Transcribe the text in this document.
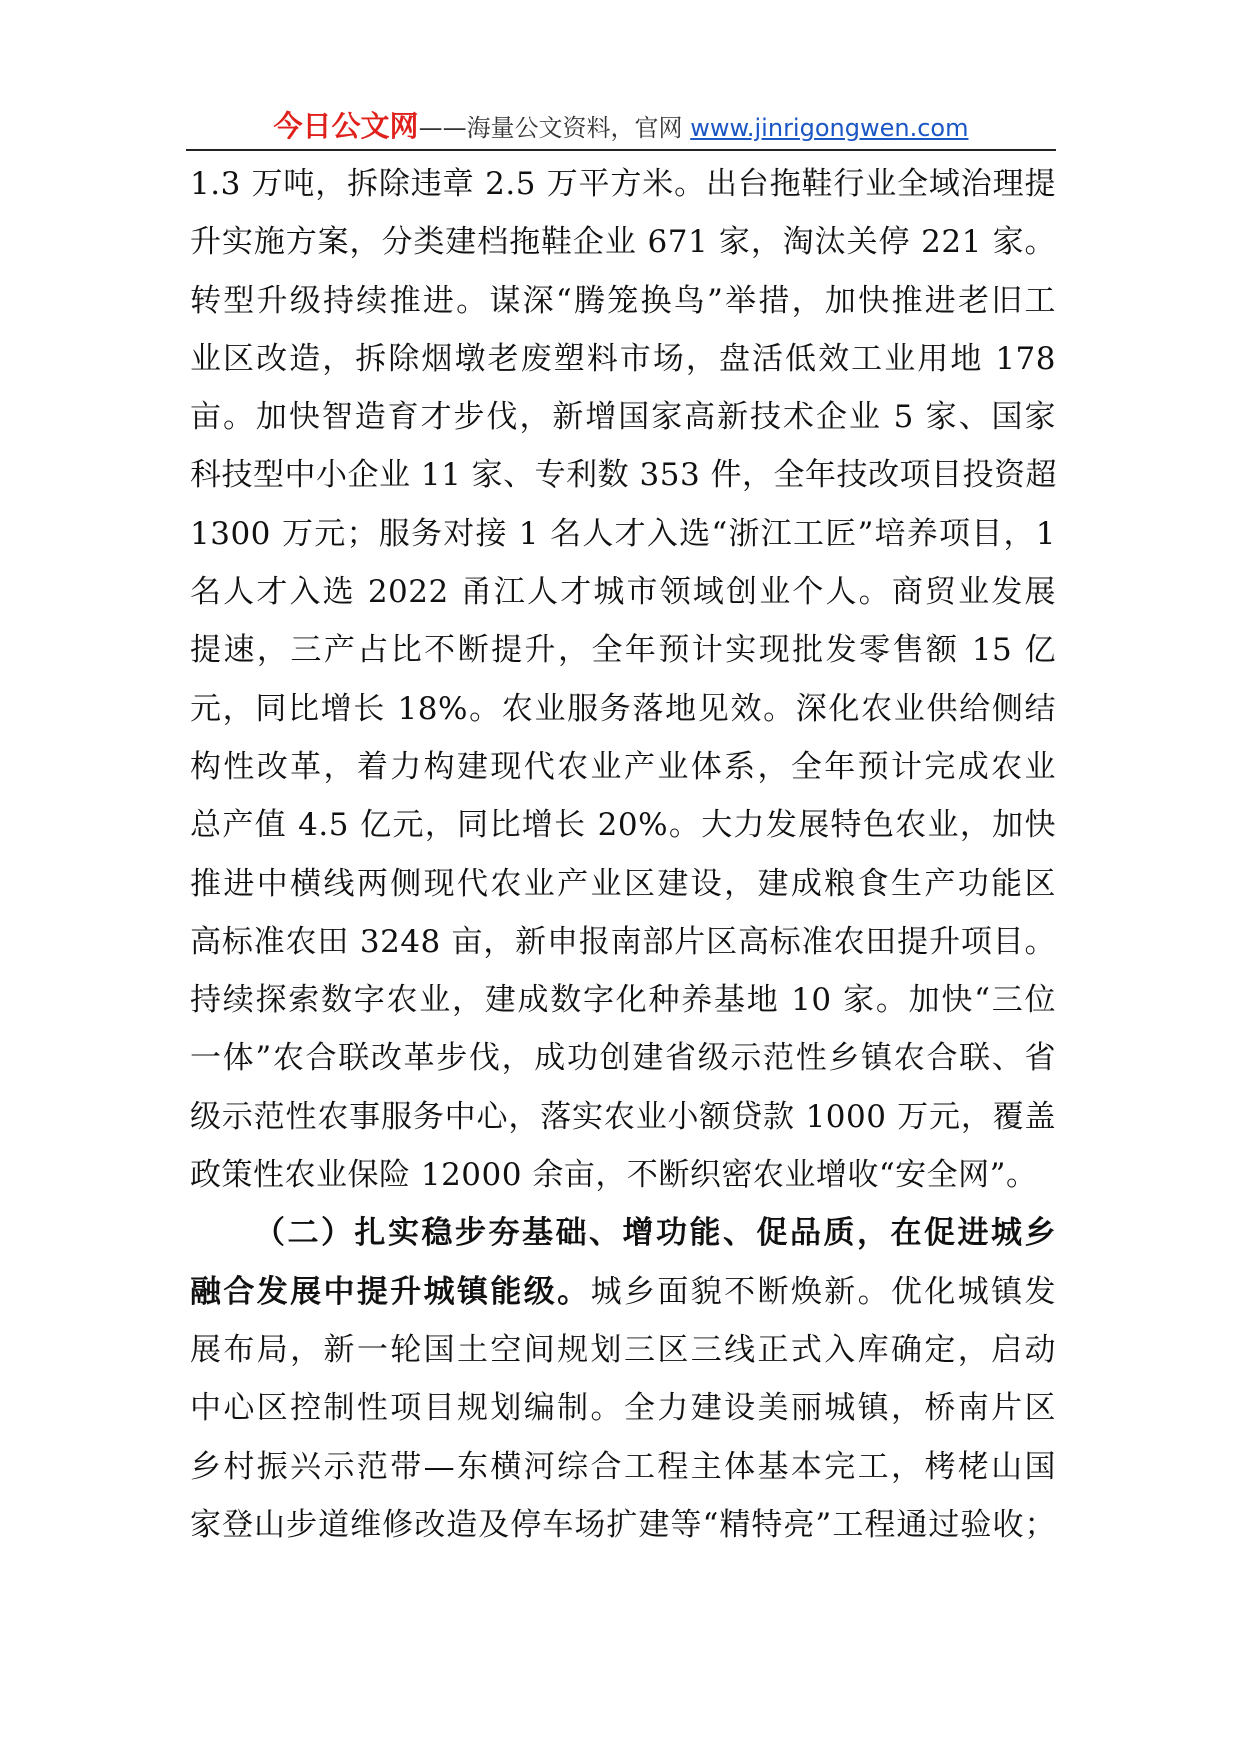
今日公文网——海量公文资料，官网 www.jinrigongwen.com
1.3 万吨，拆除违章 2.5 万平方米。出台拖鞋行业全域治理提
升实施方案，分类建档拖鞋企业 671 家，淘汰关停 221 家。
转型升级持续推进。谋深“腾笼换鸟”举措，加快推进老旧工
业区改造，拆除烟墩老废塑料市场，盘活低效工业用地 178
亩。加快智造育才步伐，新增国家高新技术企业 5 家、国家
科技型中小企业 11 家、专利数 353 件，全年技改项目投资超
1300 万元；服务对接 1 名人才入选“浙江工匠”培养项目，1
名人才入选 2022 甬江人才城市领域创业个人。商贸业发展
提速，三产占比不断提升，全年预计实现批发零售额 15 亿
元，同比增长 18%。农业服务落地见效。深化农业供给侧结
构性改革，着力构建现代农业产业体系，全年预计完成农业
总产值 4.5 亿元，同比增长 20%。大力发展特色农业，加快
推进中横线两侧现代农业产业区建设，建成粮食生产功能区
高标准农田 3248 亩，新申报南部片区高标准农田提升项目。
持续探索数字农业，建成数字化种养基地 10 家。加快“三位
一体”农合联改革步伐，成功创建省级示范性乡镇农合联、省
级示范性农事服务中心，落实农业小额贷款 1000 万元，覆盖
政策性农业保险 12000 余亩，不断织密农业增收“安全网”。
（二）扎实稳步夯基础、增功能、促品质，在促进城乡
融合发展中提升城镇能级。城乡面貌不断焕新。优化城镇发
展布局，新一轮国土空间规划三区三线正式入库确定，启动
中心区控制性项目规划编制。全力建设美丽城镇，桥南片区
乡村振兴示范带—东横河综合工程主体基本完工，栲栳山国
家登山步道维修改造及停车场扩建等“精特亮”工程通过验收；
